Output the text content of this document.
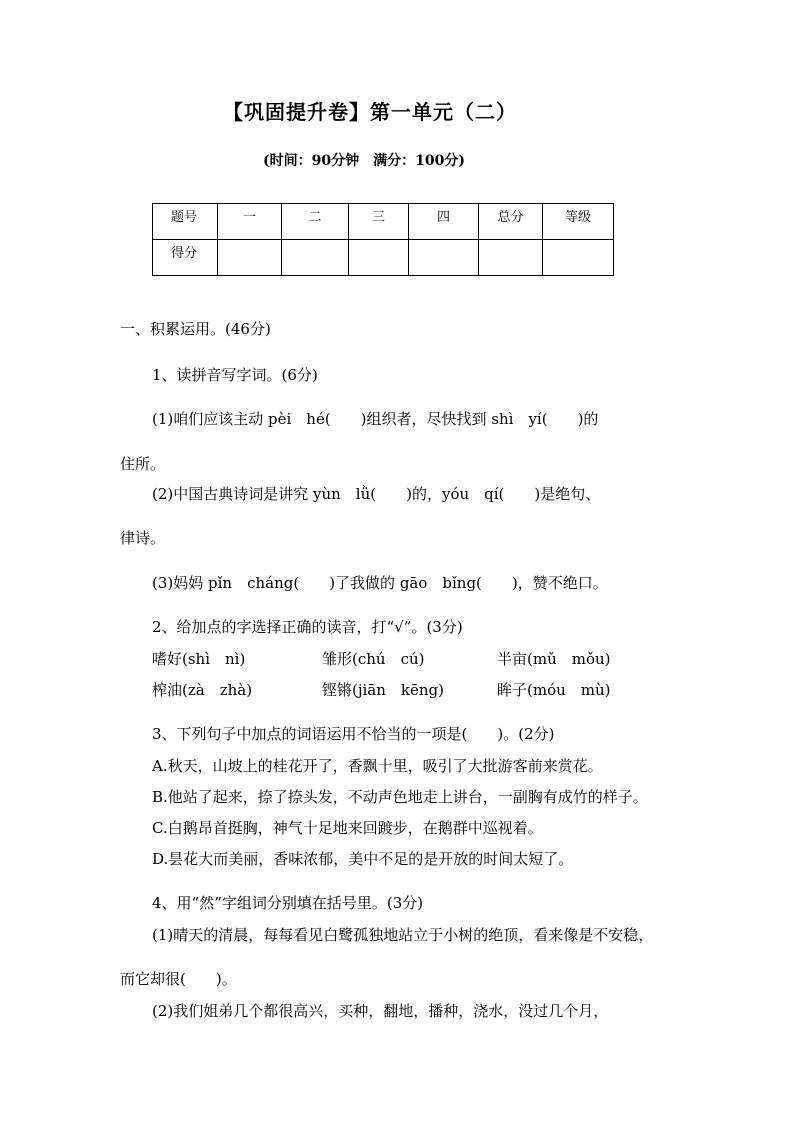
【巩固提升卷】第一单元（二）
(时间：90分钟　满分：100分)
题号	一	二	三	四	总分	等级
得分						
一、积累运用。(46分)
1、读拼音写字词。(6分)
(1)咱们应该主动 pèi　hé(　　)组织者，尽快找到 shì　yí(　　)的
住所。
(2)中国古典诗词是讲究 yùn　lǜ(　　)的，yóu　qí(　　)是绝句、
律诗。
(3)妈妈 pǐn　cháng(　　)了我做的 gāo　bǐng(　　)，赞不绝口。
2、给加点的字选择正确的读音，打“√”。(3分)
嗜好(shì　nì)	雏形(chú　cú)	半亩(mǔ　mǒu)
榨油(zà　zhà)	铿锵(jiān　kēng)	眸子(móu　mù)
3、下列句子中加点的词语运用不恰当的一项是(　　)。(2分)
A.秋天，山坡上的桂花开了，香飘十里，吸引了大批游客前来赏花。
B.他站了起来，捺了捺头发，不动声色地走上讲台，一副胸有成竹的样子。
C.白鹅昂首挺胸，神气十足地来回踱步，在鹅群中巡视着。
D.昙花大而美丽，香味浓郁，美中不足的是开放的时间太短了。
4、用“然”字组词分别填在括号里。(3分)
(1)晴天的清晨，每每看见白鹭孤独地站立于小树的绝顶，看来像是不安稳，
而它却很(　　)。
(2)我们姐弟几个都很高兴，买种，翻地，播种，浇水，没过几个月，
